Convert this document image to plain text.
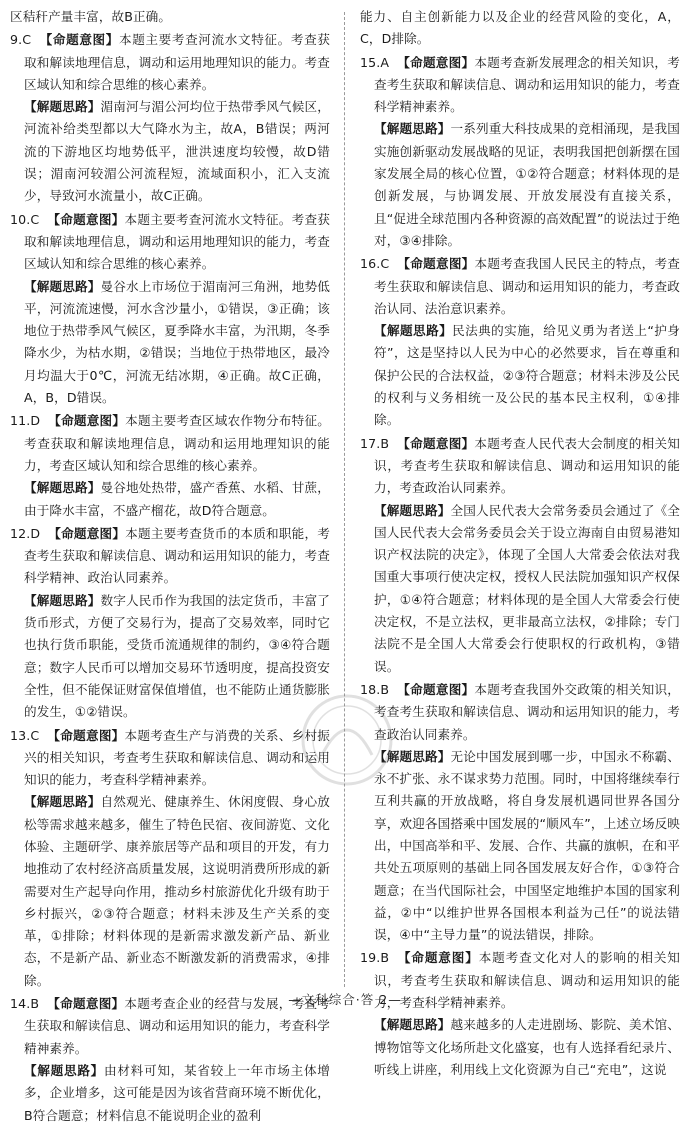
区秸秆产量丰富，故B正确。
9.C 【命题意图】本题主要考查河流水文特征。考查获取和解读地理信息，调动和运用地理知识的能力。考查区域认知和综合思维的核心素养。
【解题思路】湄南河与湄公河均位于热带季风气候区，河流补给类型都以大气降水为主，故A，B错误；两河流的下游地区均地势低平，泄洪速度均较慢，故D错误；湄南河较湄公河流程短，流域面积小，汇入支流少，导致河水流量小，故C正确。
10.C 【命题意图】本题主要考查河流水文特征。考查获取和解读地理信息，调动和运用地理知识的能力，考查区域认知和综合思维的核心素养。
【解题思路】曼谷水上市场位于湄南河三角洲，地势低平，河流流速慢，河水含沙量小，①错误，③正确；该地位于热带季风气候区，夏季降水丰富，为汛期，冬季降水少，为枯水期，②错误；当地位于热带地区，最冷月均温大于0℃，河流无结冰期，④正确。故C正确，A，B，D错误。
11.D 【命题意图】本题主要考查区域农作物分布特征。考查获取和解读地理信息，调动和运用地理知识的能力，考查区域认知和综合思维的核心素养。
【解题思路】曼谷地处热带，盛产香蕉、水稻、甘蔗，由于降水丰富，不盛产榴花，故D符合题意。
12.D 【命题意图】本题主要考查货币的本质和职能，考查考生获取和解读信息、调动和运用知识的能力，考查科学精神、政治认同素养。
【解题思路】数字人民币作为我国的法定货币，丰富了货币形式，方便了交易行为，提高了交易效率，同时它也执行货币职能，受货币流通规律的制约，③④符合题意；数字人民币可以增加交易环节透明度，提高投资安全性，但不能保证财富保值增值，也不能防止通货膨胀的发生，①②错误。
13.C 【命题意图】本题考查生产与消费的关系、乡村振兴的相关知识，考查考生获取和解读信息、调动和运用知识的能力，考查科学精神素养。
【解题思路】自然观光、健康养生、休闲度假、身心放松等需求越来越多，催生了特色民宿、夜间游览、文化体验、主题研学、康养旅居等产品和项目的开发，有力地推动了农村经济高质量发展，这说明消费所形成的新需要对生产起导向作用，推动乡村旅游优化升级有助于乡村振兴，②③符合题意；材料未涉及生产关系的变革，①排除；材料体现的是新需求激发新产品、新业态，不是新产品、新业态不断激发新的消费需求，④排除。
14.B 【命题意图】本题考查企业的经营与发展，考查考生获取和解读信息、调动和运用知识的能力，考查科学精神素养。
【解题思路】由材料可知，某省较上一年市场主体增多，企业增多，这可能是因为该省营商环境不断优化，B符合题意；材料信息不能说明企业的盈利
能力、自主创新能力以及企业的经营风险的变化，A，C，D排除。
15.A 【命题意图】本题考查新发展理念的相关知识，考查考生获取和解读信息、调动和运用知识的能力，考查科学精神素养。
【解题思路】一系列重大科技成果的竞相涌现，是我国实施创新驱动发展战略的见证，表明我国把创新摆在国家发展全局的核心位置，①②符合题意；材料体现的是创新发展，与协调发展、开放发展没有直接关系，且“促进全球范围内各种资源的高效配置”的说法过于绝对，③④排除。
16.C 【命题意图】本题考查我国人民民主的特点，考查考生获取和解读信息、调动和运用知识的能力，考查政治认同、法治意识素养。
【解题思路】民法典的实施，给见义勇为者送上“护身符”，这是坚持以人民为中心的必然要求，旨在尊重和保护公民的合法权益，②③符合题意；材料未涉及公民的权利与义务相统一及公民的基本民主权利，①④排除。
17.B 【命题意图】本题考查人民代表大会制度的相关知识，考查考生获取和解读信息、调动和运用知识的能力，考查政治认同素养。
【解题思路】全国人民代表大会常务委员会通过了《全国人民代表大会常务委员会关于设立海南自由贸易港知识产权法院的决定》，体现了全国人大常委会依法对我国重大事项行使决定权，授权人民法院加强知识产权保护，①④符合题意；材料体现的是全国人大常委会行使决定权，不是立法权，更非最高立法权，②排除；专门法院不是全国人大常委会行使职权的行政机构，③错误。
18.B 【命题意图】本题考查我国外交政策的相关知识，考查考生获取和解读信息、调动和运用知识的能力，考查政治认同素养。
【解题思路】无论中国发展到哪一步，中国永不称霸、永不扩张、永不谋求势力范围。同时，中国将继续奉行互利共赢的开放战略，将自身发展机遇同世界各国分享，欢迎各国搭乘中国发展的“顺风车”，上述立场反映出，中国高举和平、发展、合作、共赢的旗帜，在和平共处五项原则的基础上同各国发展友好合作，①③符合题意；在当代国际社会，中国坚定地维护本国的国家利益，②中“以维护世界各国根本利益为己任”的说法错误，④中“主导力量”的说法错误，排除。
19.B 【命题意图】本题考查文化对人的影响的相关知识，考查考生获取和解读信息、调动和运用知识的能力，考查科学精神素养。
【解题思路】越来越多的人走进剧场、影院、美术馆、博物馆等文化场所赴文化盛宴，也有人选择看纪录片、听线上讲座，利用线上文化资源为自己“充电”，这说
—文科综合·答 2—
